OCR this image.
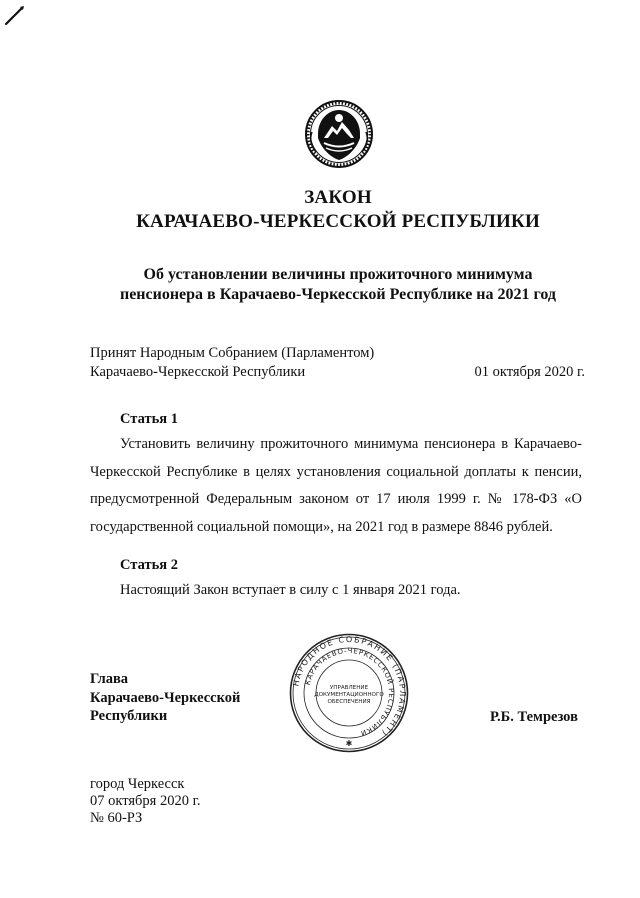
ЗАКОН
КАРАЧАЕВО-ЧЕРКЕССКОЙ РЕСПУБЛИКИ
Об установлении величины прожиточного минимума
пенсионера в Карачаево-Черкесской Республике на 2021 год
Принят Народным Собранием (Парламентом)
Карачаево-Черкесской Республики	01 октября 2020 г.
Статья 1
Установить величину прожиточного минимума пенсионера в Карачаево-Черкесской Республике в целях установления социальной доплаты к пенсии, предусмотренной Федеральным законом от 17 июля 1999 г. № 178-ФЗ «О государственной социальной помощи», на 2021 год в размере 8846 рублей.
Статья 2
Настоящий Закон вступает в силу с 1 января 2021 года.
Глава
Карачаево-Черкесской
Республики
НАРОДНОЕ СОБРАНИЕ (ПАРЛАМЕНТ)
КАРАЧАЕВО-ЧЕРКЕССКОЙ РЕСПУБЛИКИ
УПРАВЛЕНИЕ
ДОКУМЕНТАЦИОННОГО
ОБЕСПЕЧЕНИЯ
✱
Р.Б. Темрезов
город Черкесск
07 октября 2020 г.
№ 60-РЗ
